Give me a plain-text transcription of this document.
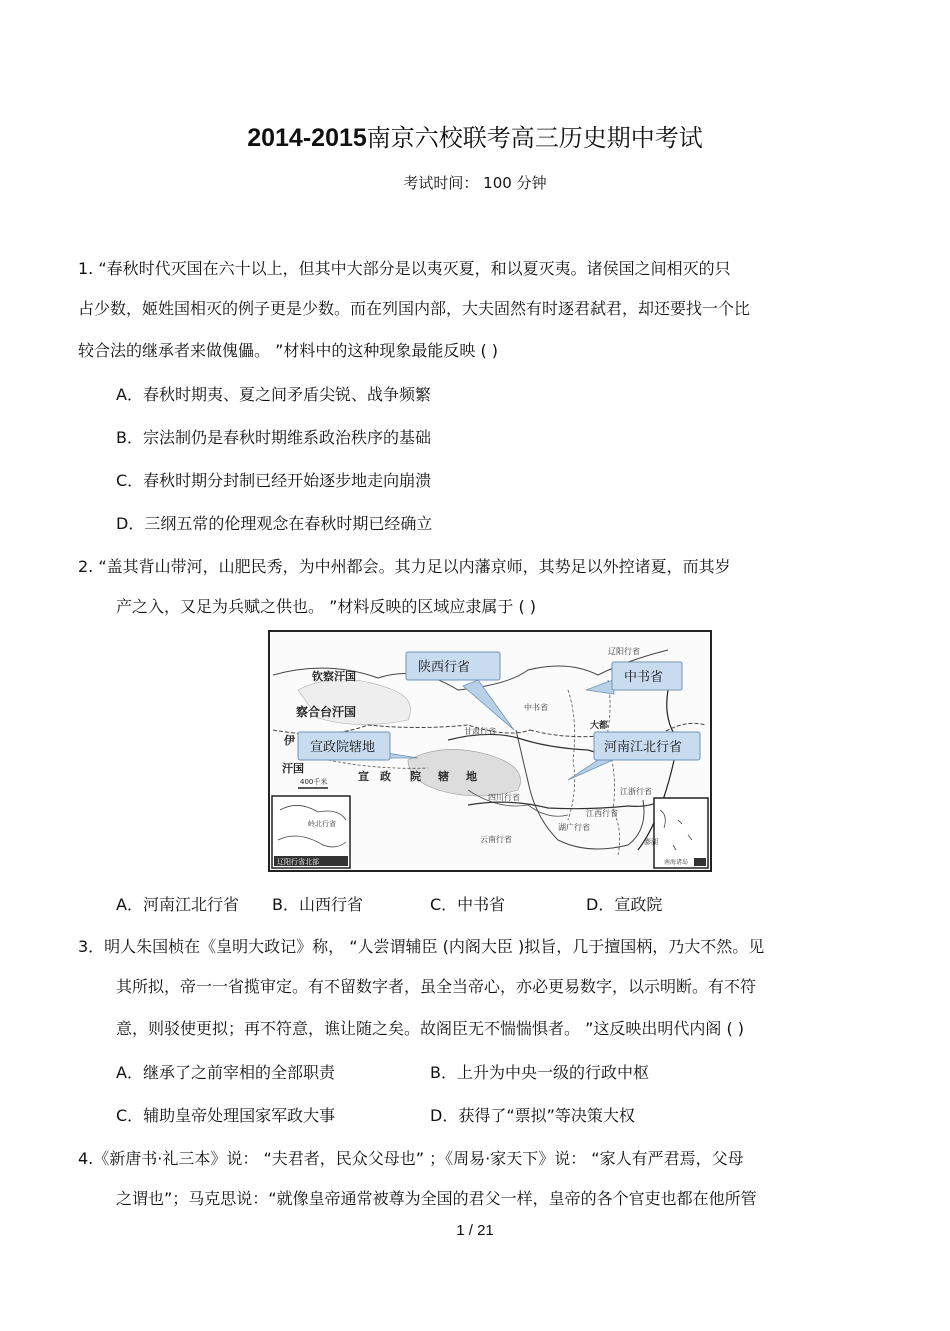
2014-2015南京六校联考高三历史期中考试
考试时间： 100 分钟
1. “春秋时代灭国在六十以上，但其中大部分是以夷灭夏，和以夏灭夷。诸侯国之间相灭的只
占少数，姬姓国相灭的例子更是少数。而在列国内部，大夫固然有时逐君弑君，却还要找一个比
较合法的继承者来做傀儡。 ”材料中的这种现象最能反映 ( )
A．春秋时期夷、夏之间矛盾尖锐、战争频繁
B．宗法制仍是春秋时期维系政治秩序的基础
C．春秋时期分封制已经开始逐步地走向崩溃
D．三纲五常的伦理观念在春秋时期已经确立
2. “盖其背山带河，山肥民秀，为中州都会。其力足以内藩京师，其势足以外控诸夏，而其岁
产之入，又足为兵赋之供也。 ”材料反映的区域应隶属于 ( )
陕西行省
中书省
宣政院辖地	河南江北行省
钦察汗国
察合台汗国
伊
汗国
宣 政 院 辖 地
甘肃行省
中书省
辽阳行省
大都
四川行省
云南行省
湖广行省
江浙行省
江西行省
澎湖
岭北行省
辽阳行省北部	南海诸岛
400千米
A．河南江北行省 B．山西行省	C．中书省	D．宣政院
3．明人朱国桢在《皇明大政记》称， “人尝谓辅臣 (内阁大臣 )拟旨，几于擅国柄，乃大不然。见
其所拟，帝一一省揽审定。有不留数字者，虽全当帝心，亦必更易数字，以示明断。有不符
意，则驳使更拟；再不符意，谯让随之矣。故阁臣无不惴惴惧者。 ”这反映出明代内阁 ( )
A．继承了之前宰相的全部职责	B．上升为中央一级的行政中枢
C．辅助皇帝处理国家军政大事	D．获得了“票拟”等决策大权
4.《新唐书·礼三本》说： “夫君者，民众父母也” ；《周易·家天下》说： “家人有严君焉，父母
之谓也”；马克思说：“就像皇帝通常被尊为全国的君父一样，皇帝的各个官吏也都在他所管
1 / 21
